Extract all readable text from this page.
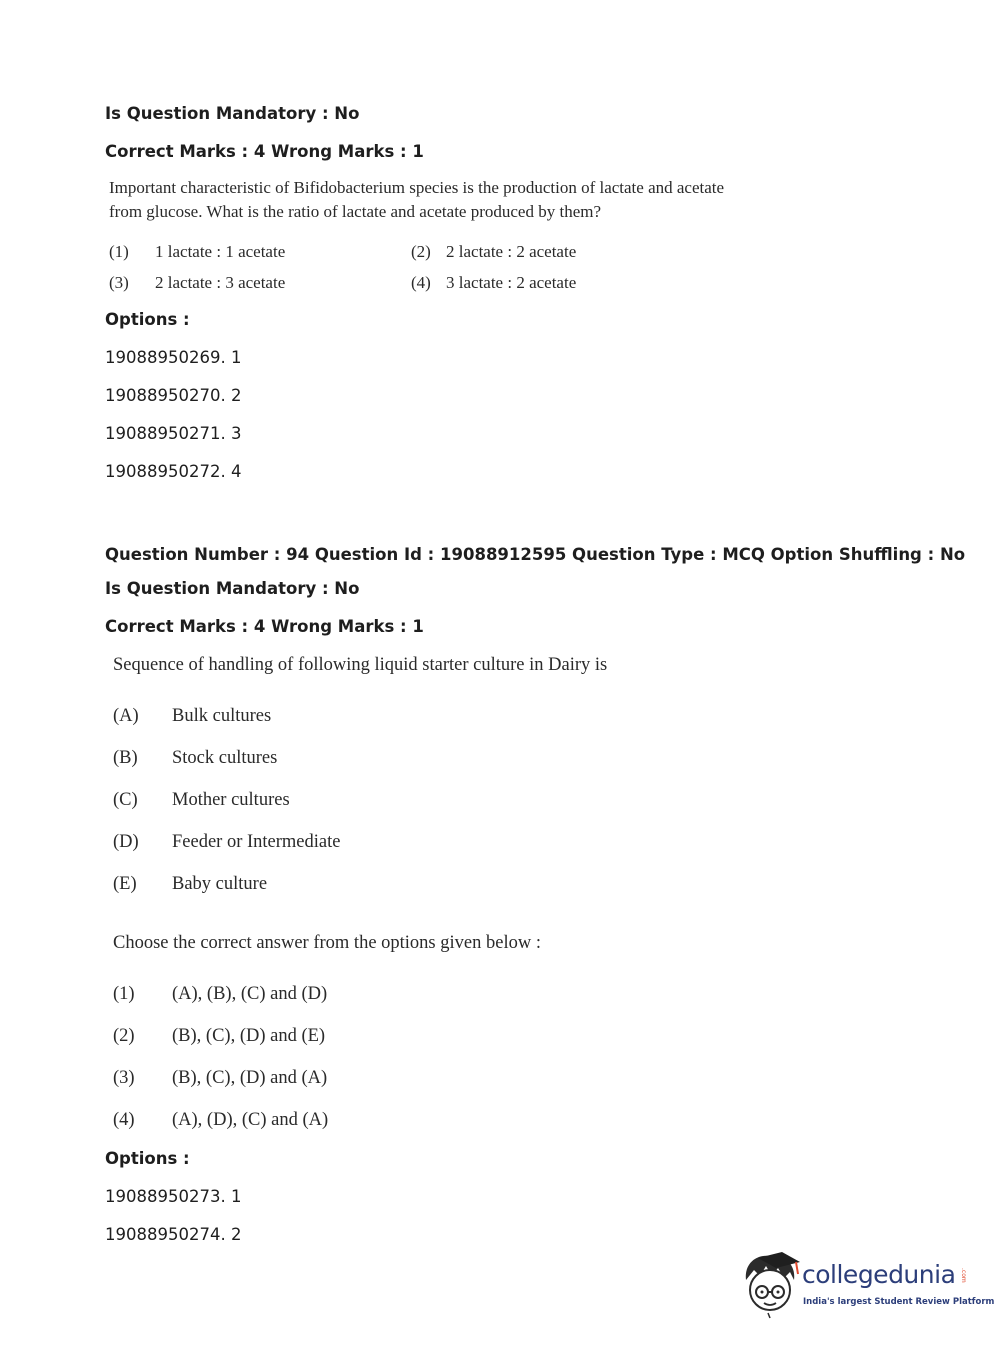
Is Question Mandatory : No
Correct Marks : 4 Wrong Marks : 1
Important characteristic of Bifidobacterium species is the production of lactate and acetate
from glucose. What is the ratio of lactate and acetate produced by them?
(1) 1 lactate : 1 acetate	(2) 2 lactate : 2 acetate
(3) 2 lactate : 3 acetate	(4) 3 lactate : 2 acetate
Options :
19088950269. 1
19088950270. 2
19088950271. 3
19088950272. 4
Question Number : 94 Question Id : 19088912595 Question Type : MCQ Option Shuffling : No
Is Question Mandatory : No
Correct Marks : 4 Wrong Marks : 1
Sequence of handling of following liquid starter culture in Dairy is
(A) Bulk cultures
(B) Stock cultures
(C) Mother cultures
(D) Feeder or Intermediate
(E) Baby culture
Choose the correct answer from the options given below :
(1) (A), (B), (C) and (D)
(2) (B), (C), (D) and (E)
(3) (B), (C), (D) and (A)
(4) (A), (D), (C) and (A)
Options :
19088950273. 1
19088950274. 2
collegedunia .com
India's largest Student Review Platform
